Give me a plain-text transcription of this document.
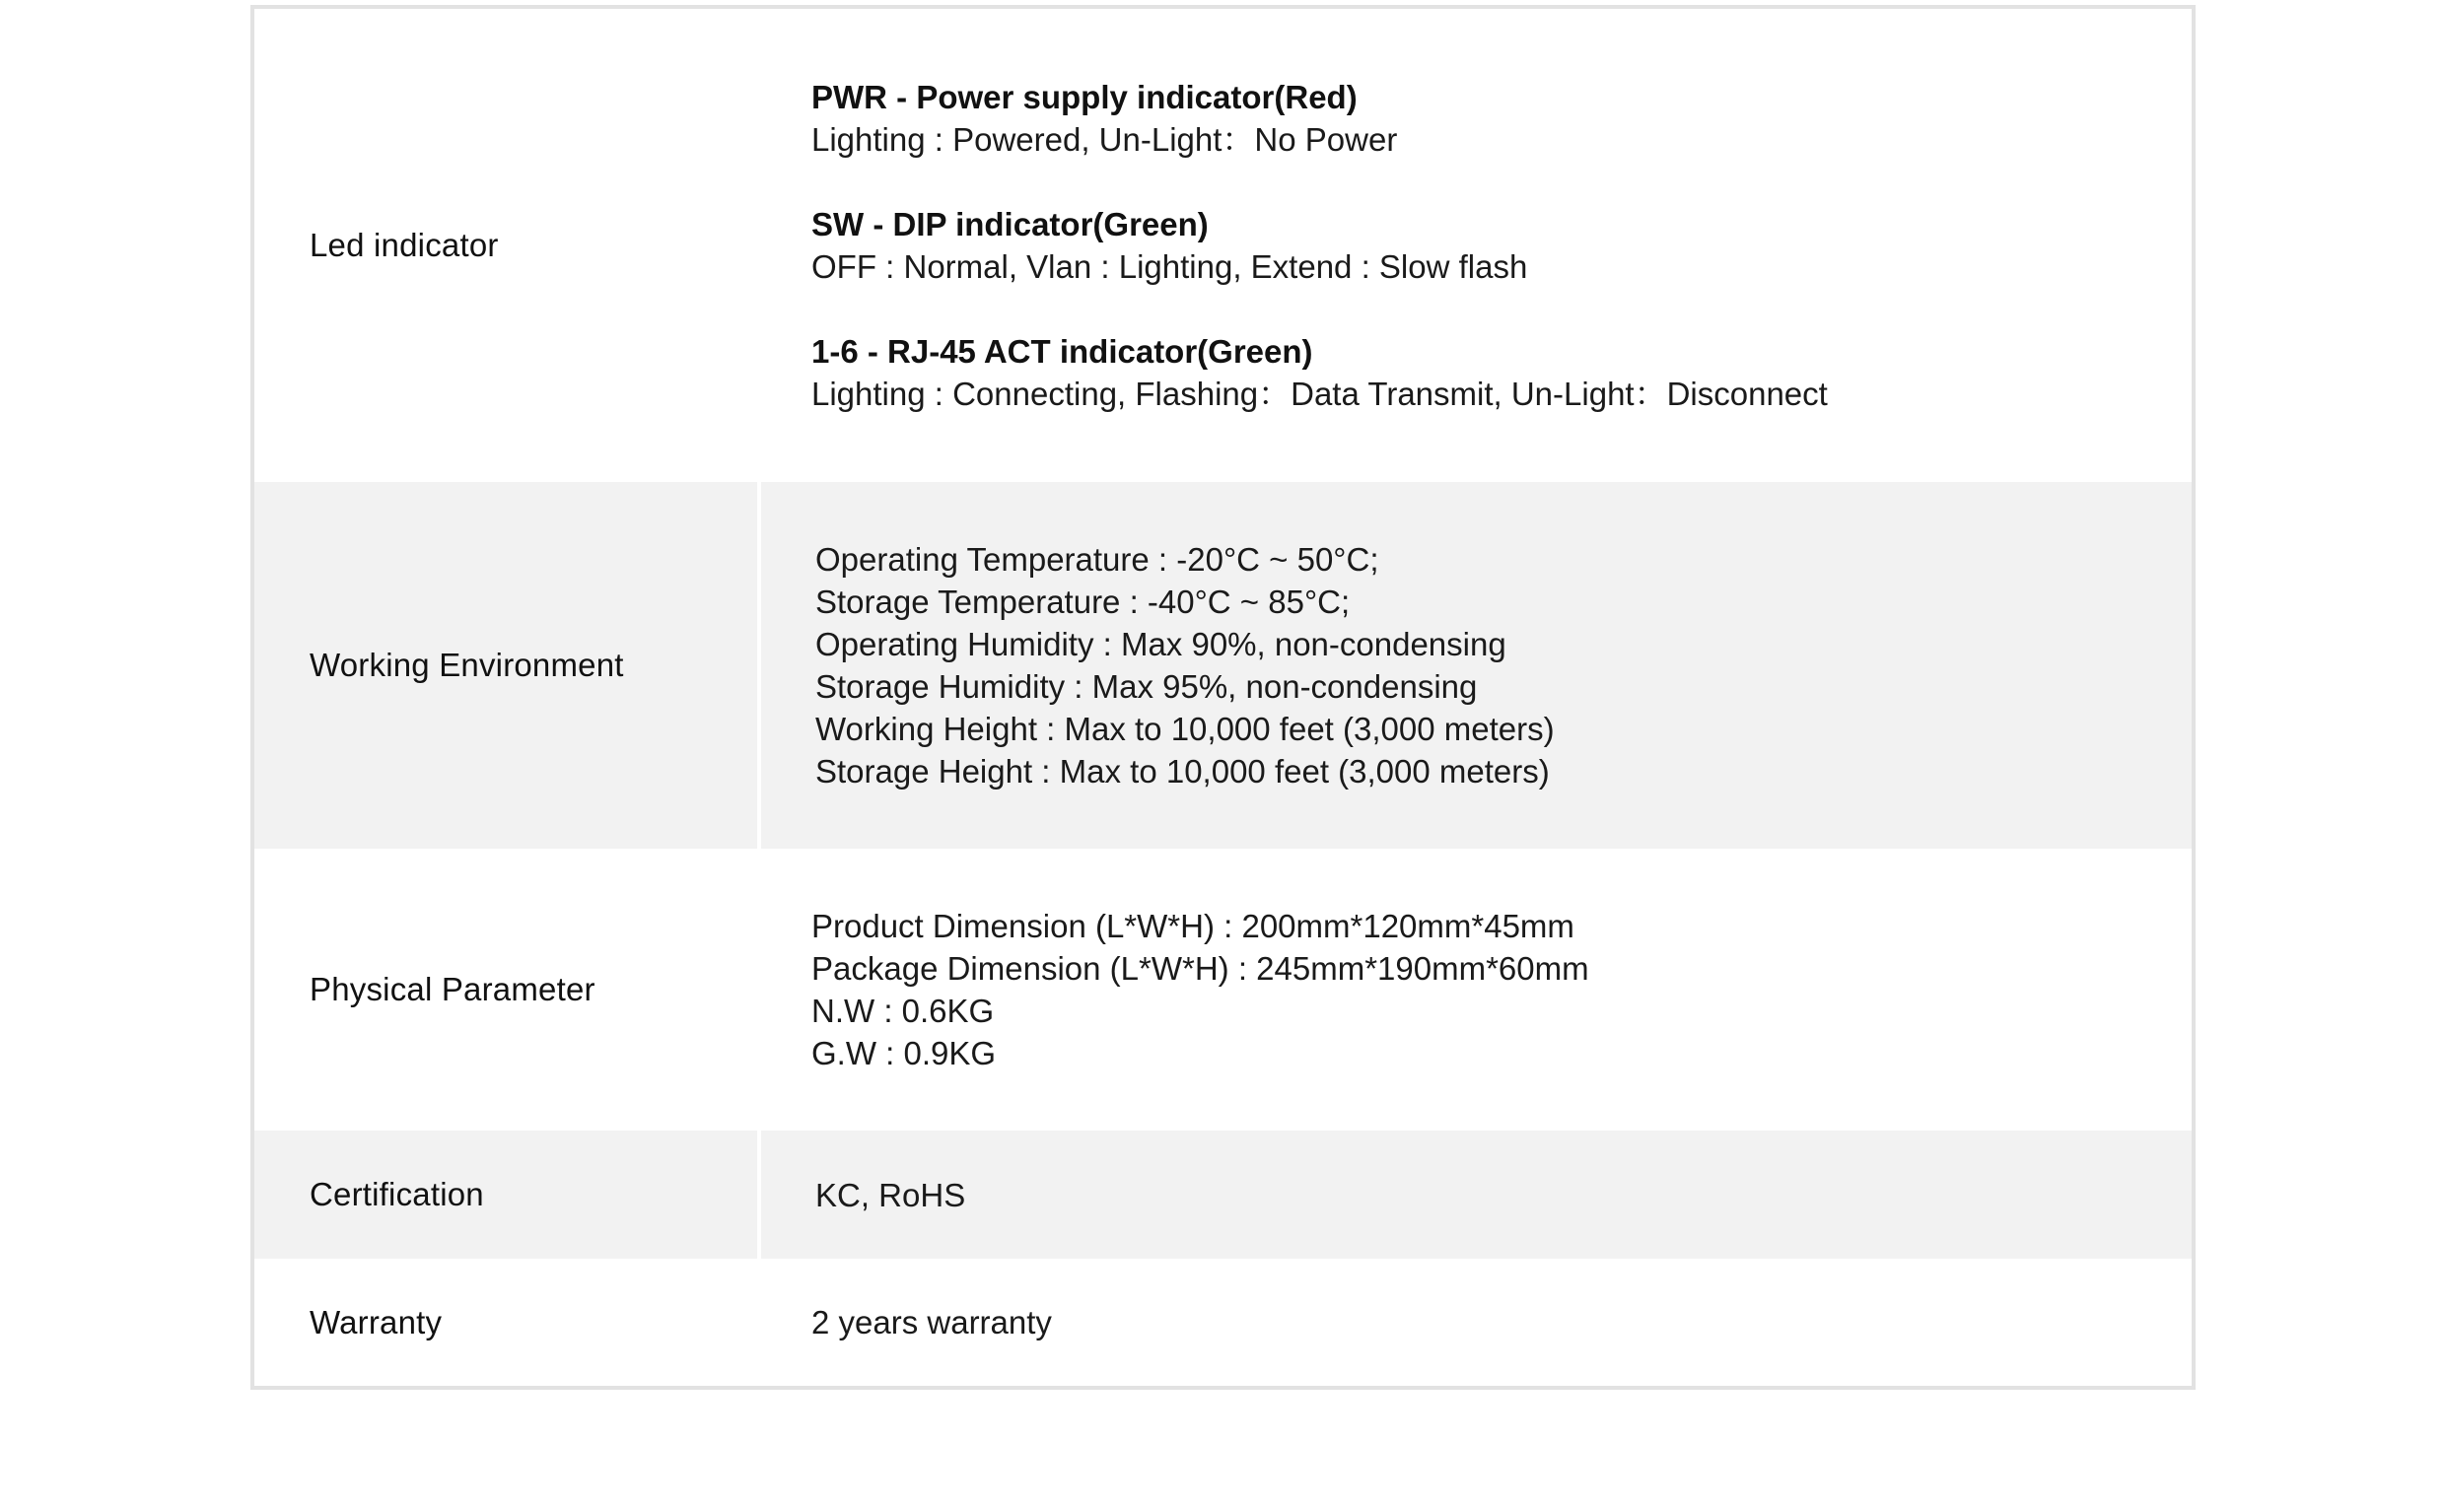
Led indicator
PWR - Power supply indicator(Red)
Lighting : Powered, Un-Light：No Power
SW - DIP indicator(Green)
OFF : Normal, Vlan : Lighting, Extend : Slow flash
1-6 - RJ-45 ACT indicator(Green)
Lighting : Connecting, Flashing：Data Transmit, Un-Light：Disconnect
Working Environment
Operating Temperature : -20°C ~ 50°C;
Storage Temperature : -40°C ~ 85°C;
Operating Humidity : Max 90%, non-condensing
Storage Humidity : Max 95%, non-condensing
Working Height : Max to 10,000 feet (3,000 meters)
Storage Height : Max to 10,000 feet (3,000 meters)
Physical Parameter
Product Dimension (L*W*H) : 200mm*120mm*45mm
Package Dimension (L*W*H) : 245mm*190mm*60mm
N.W : 0.6KG
G.W : 0.9KG
Certification	KC, RoHS
Warranty	2 years warranty
